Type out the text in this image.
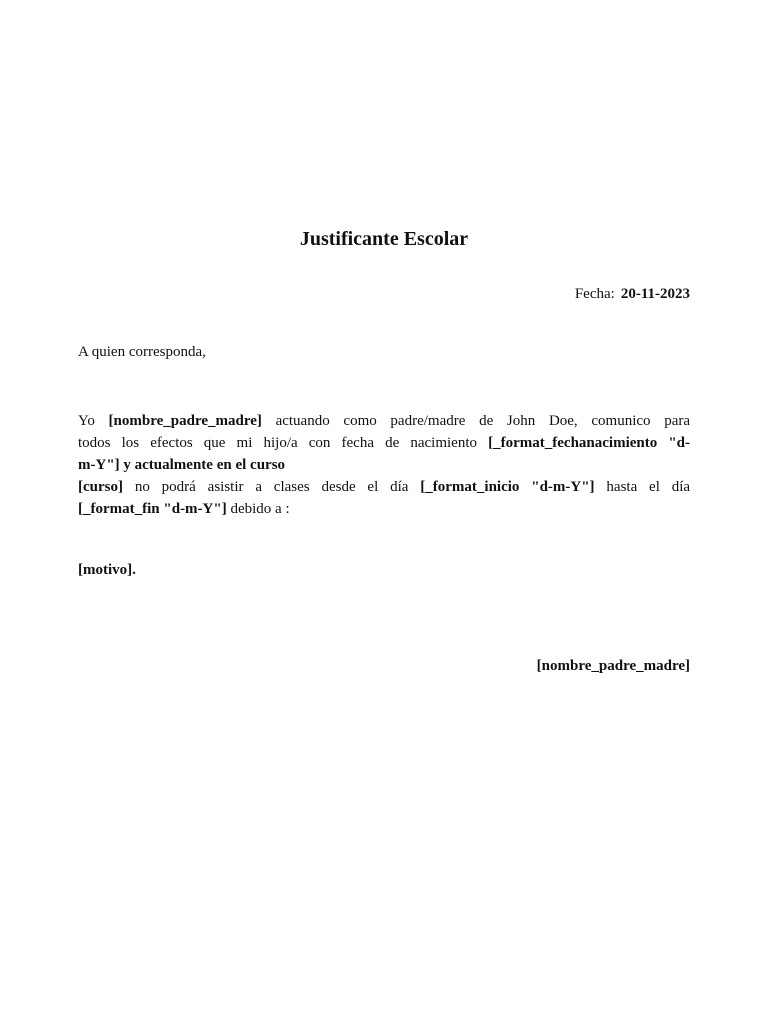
Justificante Escolar
Fecha: 20-11-2023
A quien corresponda,

Yo [nombre_padre_madre] actuando como padre/madre de John Doe, comunico para

todos los efectos que mi hijo/a con fecha de nacimiento [_format_fechanacimiento "d-

m-Y"] y actualmente en el curso

[curso] no podrá asistir a clases desde el día [_format_inicio "d-m-Y"] hasta el día

[_format_fin "d-m-Y"] debido a :

[motivo].
[nombre_padre_madre]
